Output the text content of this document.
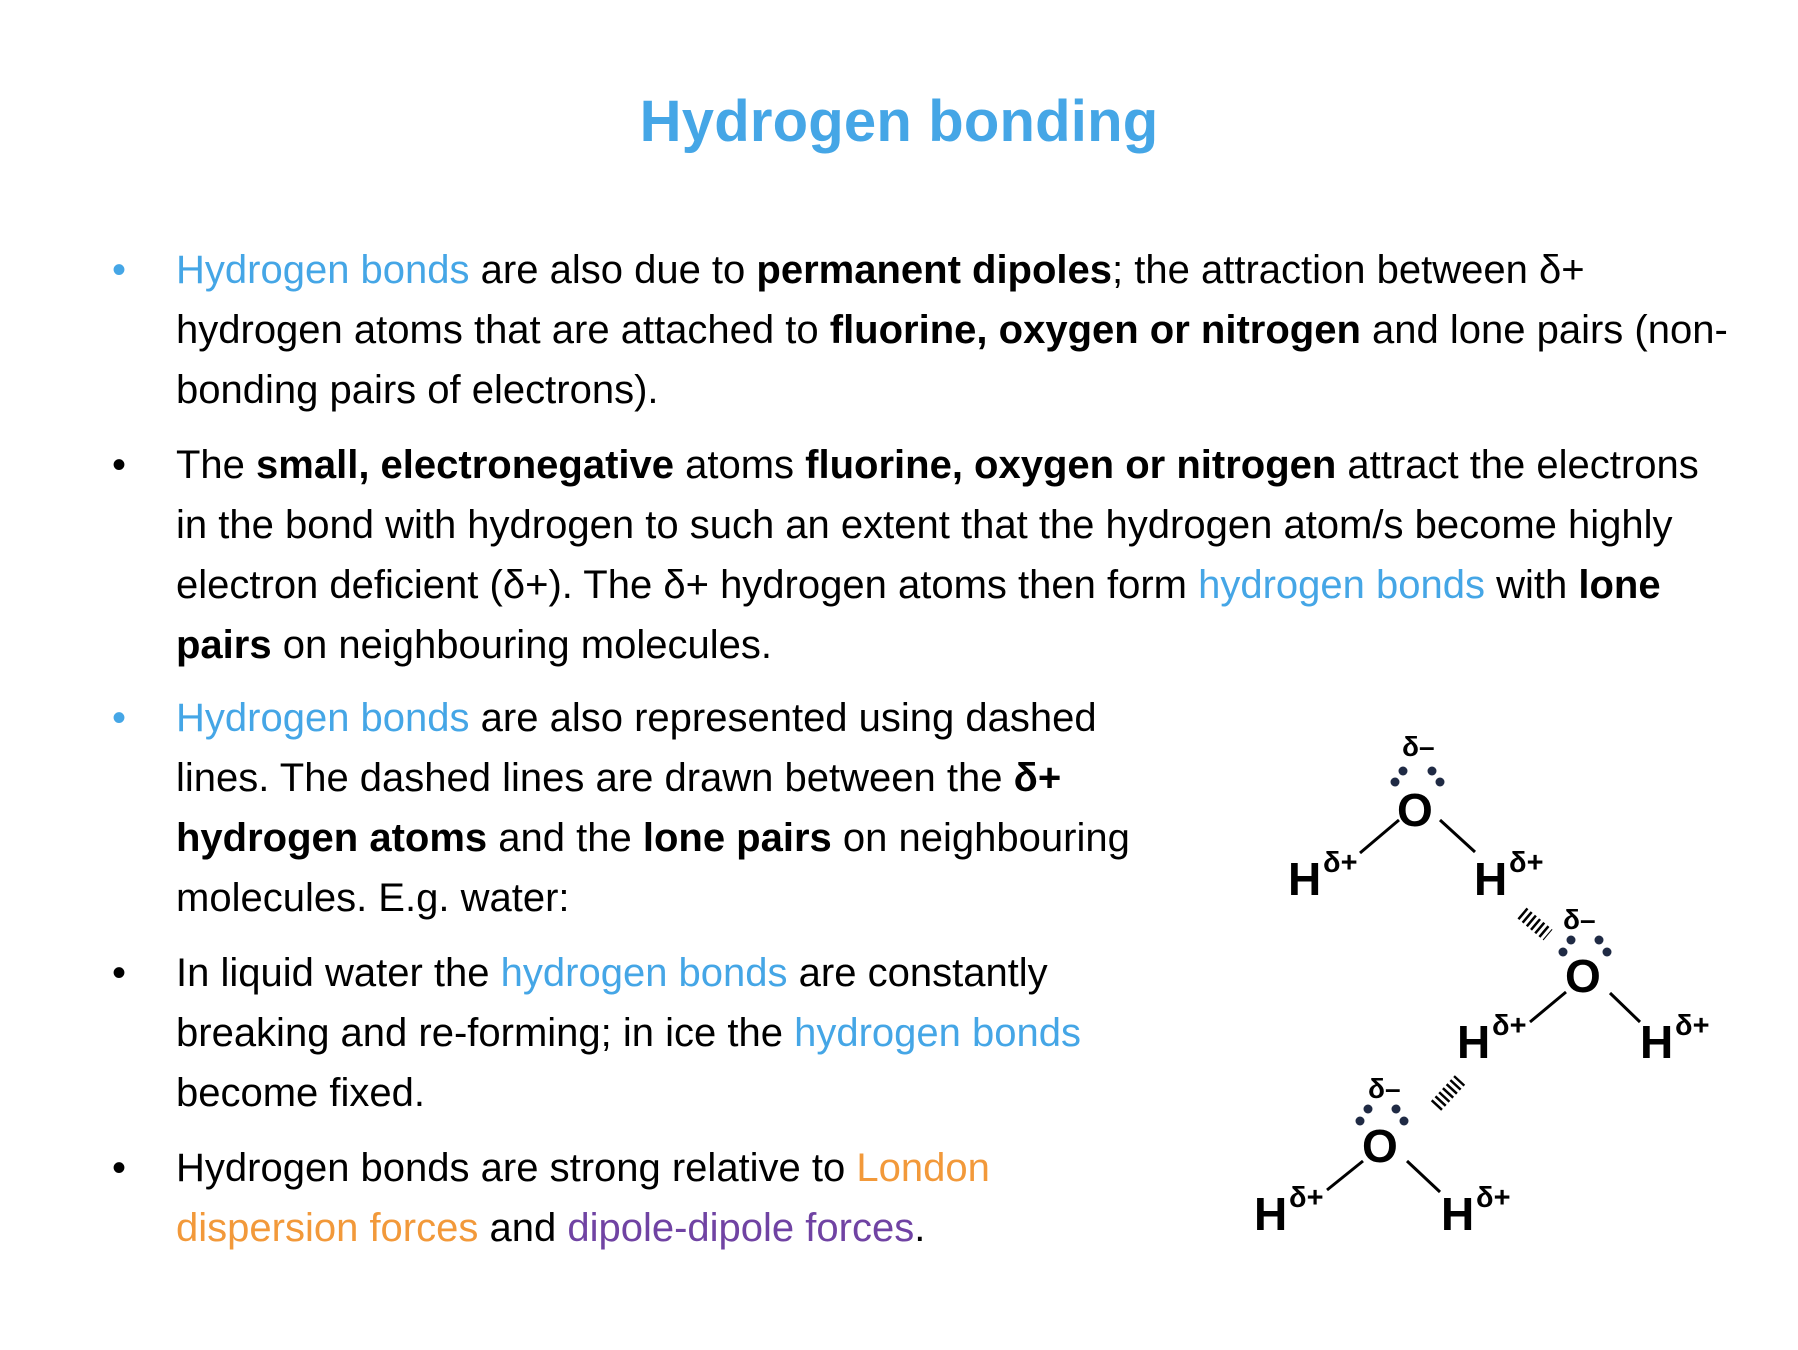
Hydrogen bonding
•	Hydrogen bonds are also due to permanent dipoles; the attraction between δ+ hydrogen atoms that are attached to fluorine, oxygen or nitrogen and lone pairs (non-bonding pairs of electrons).
•	The small, electronegative atoms fluorine, oxygen or nitrogen attract the electrons in the bond with hydrogen to such an extent that the hydrogen atom/s become highly electron deficient (δ+). The δ+ hydrogen atoms then form hydrogen bonds with lone pairs on neighbouring molecules.
•	Hydrogen bonds are also represented using dashed lines. The dashed lines are drawn between the δ+ hydrogen atoms and the lone pairs on neighbouring molecules. E.g. water:
•	In liquid water the hydrogen bonds are constantly breaking and re-forming; in ice the hydrogen bonds become fixed.
•	Hydrogen bonds are strong relative to London dispersion forces and dipole-dipole forces.
δ–
O
H δ+	H δ+
δ–
O
H δ+ H δ+
δ–
O
H δ+	H δ+
